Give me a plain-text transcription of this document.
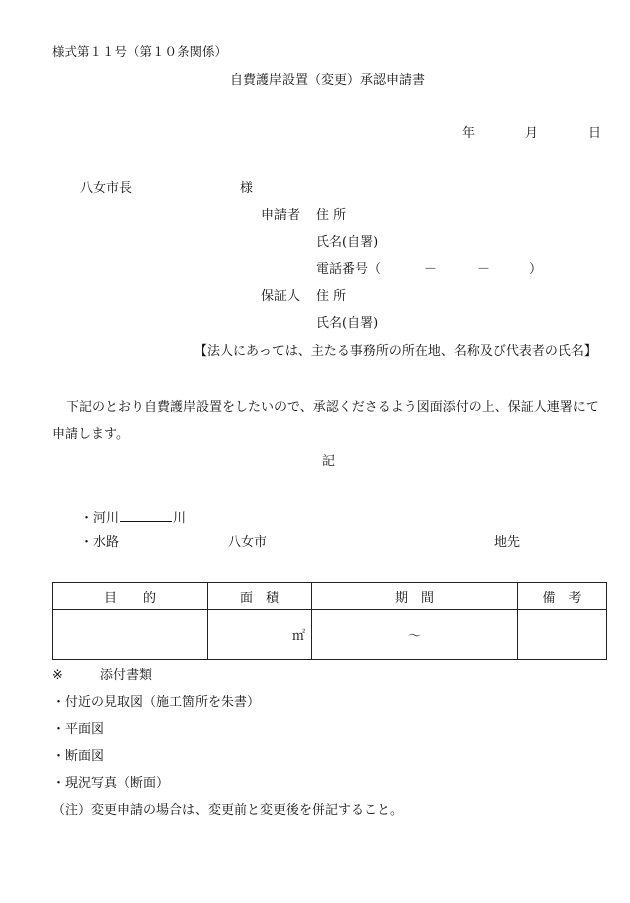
様式第１１号（第１０条関係）
自費護岸設置（変更）承認申請書
年	月	日
八女市長	様
申請者 住 所
氏名(自署)
電話番号（	－	－	）
保証人 住 所
氏名(自署)
【法人にあっては、主たる事務所の所在地、名称及び代表者の氏名】
下記のとおり自費護岸設置をしたいので、承認くださるよう図面添付の上、保証人連署にて
申請します。
記
・河川	川
・水路	八女市	地先
目　　的	面　積	期　間	備　考
	㎡	～	
※	添付書類
・付近の見取図（施工箇所を朱書）
・平面図
・断面図
・現況写真（断面）
（注）変更申請の場合は、変更前と変更後を併記すること。
